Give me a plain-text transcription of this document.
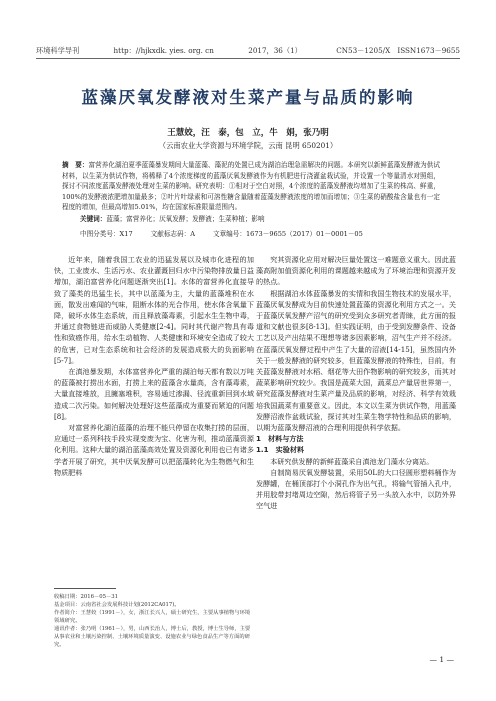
环境科学导刊	http：//hjkxdk. yies. org. cn	2017，36（1）	CN53－1205/X　ISSN1673－9655
蓝藻厌氧发酵液对生菜产量与品质的影响
王慧姣，汪　泰，包　立，牛　娟，张乃明
（云南农业大学资源与环境学院，云南 昆明 650201）
摘　要：富营养化湖泊夏季蓝藻暴发期间大量蓝藻、藻泥的处置已成为湖泊治理急需解决的问题。本研究以新鲜蓝藻发酵液为供试材料，以生菜为供试作物，将稀释了4个浓度梯度的蓝藻厌氧发酵液作为有机肥进行浇灌盆栽试验，并设置一个等量清水对照组，探讨不同浓度蓝藻发酵液处理对生菜的影响。研究表明：①相对于空白对照，4个浓度的蓝藻发酵液均增加了生菜的株高、鲜重，100%的发酵液浓肥增加量最多；②叶片叶绿素和可溶性糖含量随着蓝藻发酵液浓度的增加而增加；③生菜的硝酸盐含量也有一定程度的增加，但最高增加5.01%，均在国家标准限量范围内。
关键词：蓝藻；富营养化；厌氧发酵；发酵液；生菜种植；影响
中图分类号：X17	文献标志码：A	文章编号：1673－9655（2017）01－0001－05

近年来，随着我国工农业的迅猛发展以及城市化进程的加快，工业废水、生活污水、农业灌溉回归水中污染物排放量日益增加，湖泊富营养化问题逐渐突出[1]。水体的富营养化直接导致了藻类的迅猛生长，其中以蓝藻为主，大量的蓝藻堆积在水面，散发出难闻的气味，阻断水体的光合作用，使水体含氧量下降，破坏水体生态系统，而且释放藻毒素，引起水生生物中毒，并通过食物链进而威胁人类健康[2-4]。同时其代谢产物具有毒性和致癌作用，给水生动植物、人类健康和环境安全造成了较大的危害，已对生态系统和社会经济的发展造成极大的负面影响[5-7]。

在滇池暴发期，水体富营养化严重的湖泊每天都有数以万吨的蓝藻被打捞出水面，打捞上来的蓝藻含水量高，含有藻毒素，大量直接堆放，且臃塞堆积，容易通过渗漏、径流重新回到水域造成二次污染。如何解决处理好这些蓝藻成为重要而紧迫的问题[8]。

对富营养化湖泊蓝藻的治理不能只停留在收集打捞的层面，应通过一系列科技手段实现变废为宝、化害为利，推动蓝藻资源化利用。这种大量的湖泊蓝藻高效处置及资源化利用也已有诸多学者开展了研究，其中厌氧发酵可以把蓝藻转化为生物燃气和生物质肥料

究其资源化应用对解决巨量处置这一难题意义重大。因此蓝藻高附加值资源化利用的课题越来越成为了环境治理和资源开发的热点。

根据湖泊水体蓝藻暴发的实情和我国生物技术的发展水平，蓝藻厌氧发酵成为目前快速处置蓝藻的资源化利用方式之一。关于蓝藻厌氧发酵产沼气的研究受到众多研究者青睐，此方面的报道和文献也很多[8-13]。但实践证明，由于受到发酵条件、设备工艺以及产出结果不理想等诸多因素影响，沼气生产并不经济。在蓝藻厌氧发酵过程中产生了大量的沼液[14-15]，虽然国内外关于一般发酵液的研究较多，但蓝藻发酵液的特殊性，目前，有关蓝藻发酵液对水稻、烟花等大田作物影响的研究较多，而其对蔬菜影响研究较少。我国是蔬菜大国，蔬菜总产量居世界第一，研究蓝藻发酵液对生菜产量及品质的影响，对经济、科学有效栽培我国蔬菜有重要意义。因此，本文以生菜为供试作物，用蓝藻发酵沼液作盆栽试验，探讨其对生菜生物学特性和品质的影响，以期为蓝藻发酵沼液的合理利用提供科学依据。

1　材料与方法

1.1　实验材料

本研究供发酵的新鲜蓝藻采自滇池龙门藻水分离站。

自制简易厌氧发酵装置，采用50L的大口径圆形塑料桶作为发酵罐，在桶顶部打个小洞孔作为出气孔，将输气管插入孔中，并用胶带封堵周边空隙，然后将管子另一头放入水中，以防外界空气进

收稿日期：2016－05－31
基金项目：云南省社会发展科技计划(2012CA017)。
作者简介：王慧姣（1991－），女，浙江长兴人，硕士研究生，主要从事植物与环境领域研究。
通讯作者：张乃明（1961－），男，山西长治人，博士后，教授，博士生导师，主要从事农业和土壤污染控制、土壤环境质量演变、设施农业与绿色食品生产等方面的研究。
— 1 —
